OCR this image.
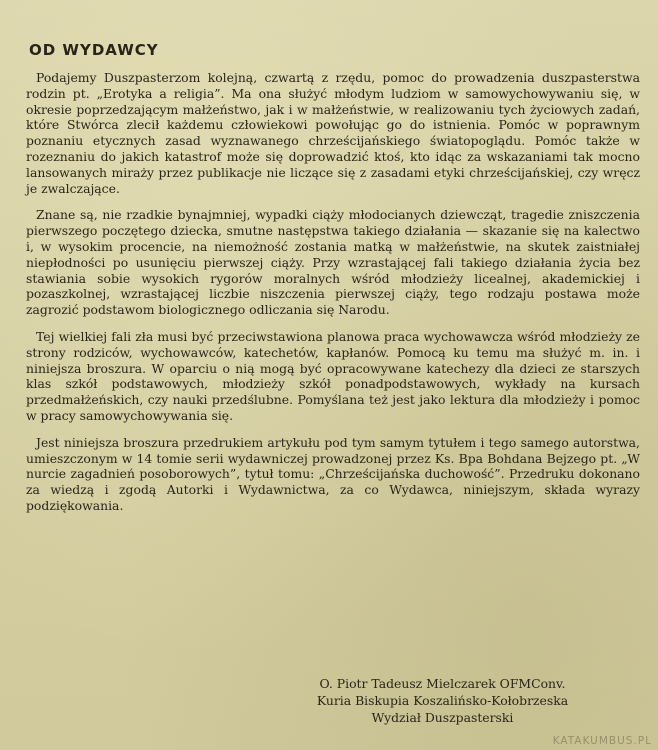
OD WYDAWCY

Podajemy Duszpasterzom kolejną, czwartą z rzędu, pomoc do prowadzenia duszpasterstwa rodzin pt. „Erotyka a religia”. Ma ona służyć młodym ludziom w samowychowywaniu się, w okresie poprzedzającym małżeństwo, jak i w małżeństwie, w realizowaniu tych życiowych zadań, które Stwórca zlecił każdemu człowiekowi powołując go do istnienia. Pomóc w poprawnym poznaniu etycznych zasad wyznawanego chrześcijańskiego światopoglądu. Pomóc także w rozeznaniu do jakich katastrof może się doprowadzić ktoś, kto idąc za wskazaniami tak mocno lansowanych miraży przez publikacje nie liczące się z zasadami etyki chrześcijańskiej, czy wręcz je zwalczające.

Znane są, nie rzadkie bynajmniej, wypadki ciąży młodocianych dziewcząt, tragedie zniszczenia pierwszego poczętego dziecka, smutne następstwa takiego działania — skazanie się na kalectwo i, w wysokim procencie, na niemożność zostania matką w małżeństwie, na skutek zaistniałej niepłodności po usunięciu pierwszej ciąży. Przy wzrastającej fali takiego działania życia bez stawiania sobie wysokich rygorów moralnych wśród młodzieży licealnej, akademickiej i pozaszkolnej, wzrastającej liczbie niszczenia pierwszej ciąży, tego rodzaju postawa może zagrozić podstawom biologicznego odliczania się Narodu.

Tej wielkiej fali zła musi być przeciwstawiona planowa praca wychowawcza wśród młodzieży ze strony rodziców, wychowawców, katechetów, kapłanów. Pomocą ku temu ma służyć m. in. i niniejsza broszura. W oparciu o nią mogą być opracowywane katechezy dla dzieci ze starszych klas szkół podstawowych, młodzieży szkół ponadpodstawowych, wykłady na kursach przedmałżeńskich, czy nauki przedślubne. Pomyślana też jest jako lektura dla młodzieży i pomoc w pracy samowychowywania się.

Jest niniejsza broszura przedrukiem artykułu pod tym samym tytułem i tego samego autorstwa, umieszczonym w 14 tomie serii wydawniczej prowadzonej przez Ks. Bpa Bohdana Bejzego pt. „W nurcie zagadnień posoborowych”, tytuł tomu: „Chrześcijańska duchowość”. Przedruku dokonano za wiedzą i zgodą Autorki i Wydawnictwa, za co Wydawca, niniejszym, składa wyrazy podziękowania.

O. Piotr Tadeusz Mielczarek OFMConv.
Kuria Biskupia Koszalińsko-Kołobrzeska
Wydział Duszpasterski
KATAKUMBUS.PL
